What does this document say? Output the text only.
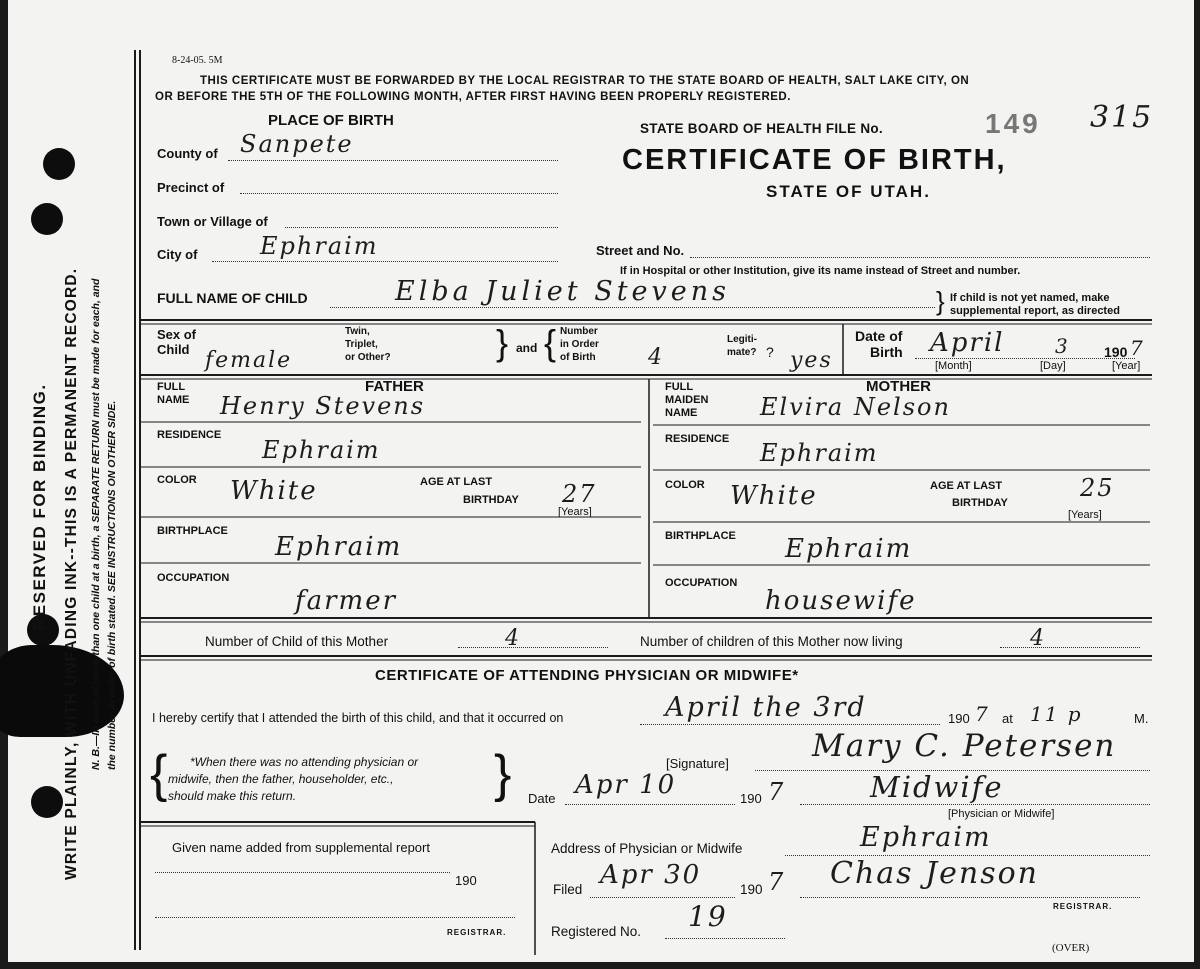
RESERVED FOR BINDING. WRITE PLAINLY, WITH UNFADING INK--THIS IS A PERMANENT RECORD. N. B.—In case of more than one child at a birth, a SEPARATE RETURN must be made for each, and the number in order of birth stated. SEE INSTRUCTIONS ON OTHER SIDE.
8-24-05. 5M
THIS CERTIFICATE MUST BE FORWARDED BY THE LOCAL REGISTRAR TO THE STATE BOARD OF HEALTH, SALT LAKE CITY, ON
OR BEFORE THE 5TH OF THE FOLLOWING MONTH, AFTER FIRST HAVING BEEN PROPERLY REGISTERED.
PLACE OF BIRTH
County of Sanpete
Precinct of
Town or Village of
City of	Ephraim	Street and No.
If in Hospital or other Institution, give its name instead of Street and number.
STATE BOARD OF HEALTH FILE No.	149 315
CERTIFICATE OF BIRTH,
STATE OF UTAH.
FULL NAME OF CHILD	Elba Juliet Stevens	} If child is not yet named, make
supplemental report, as directed
Sex of
Child female
Twin,
Triplet,
or Other?	} and { Number
in Order
of Birth 4
Legiti-
mate? ? yes
Date of
Birth April	3 190 7
[Month]	[Day]	[Year]
FATHER
FULL
NAME Henry Stevens
RESIDENCE
Ephraim
COLOR White	AGE AT LAST
BIRTHDAY 27
[Years]
BIRTHPLACE
Ephraim
OCCUPATION
farmer
MOTHER
FULL
MAIDEN
NAME	Elvira Nelson
RESIDENCE Ephraim
COLOR White	AGE AT LAST
BIRTHDAY
25
[Years]
BIRTHPLACE Ephraim
OCCUPATION
housewife
Number of Child of this Mother	4	Number of children of this Mother now living	4
CERTIFICATE OF ATTENDING PHYSICIAN OR MIDWIFE*
I hereby certify that I attended the birth of this child, and that it occurred on	April the 3rd	190 7 at 11 p	M.
{ *When there was no attending physician or
midwife, then the father, householder, etc.,
should make this return.	}	[Signature]	Mary C. Petersen
Date Apr 10	190 7	Midwife
[Physician or Midwife]
Address of Physician or Midwife	Ephraim
Given name added from supplemental report
190
REGISTRAR.
Filed Apr 30	190 7 Chas Jenson
REGISTRAR.
Registered No. 19
(OVER)
